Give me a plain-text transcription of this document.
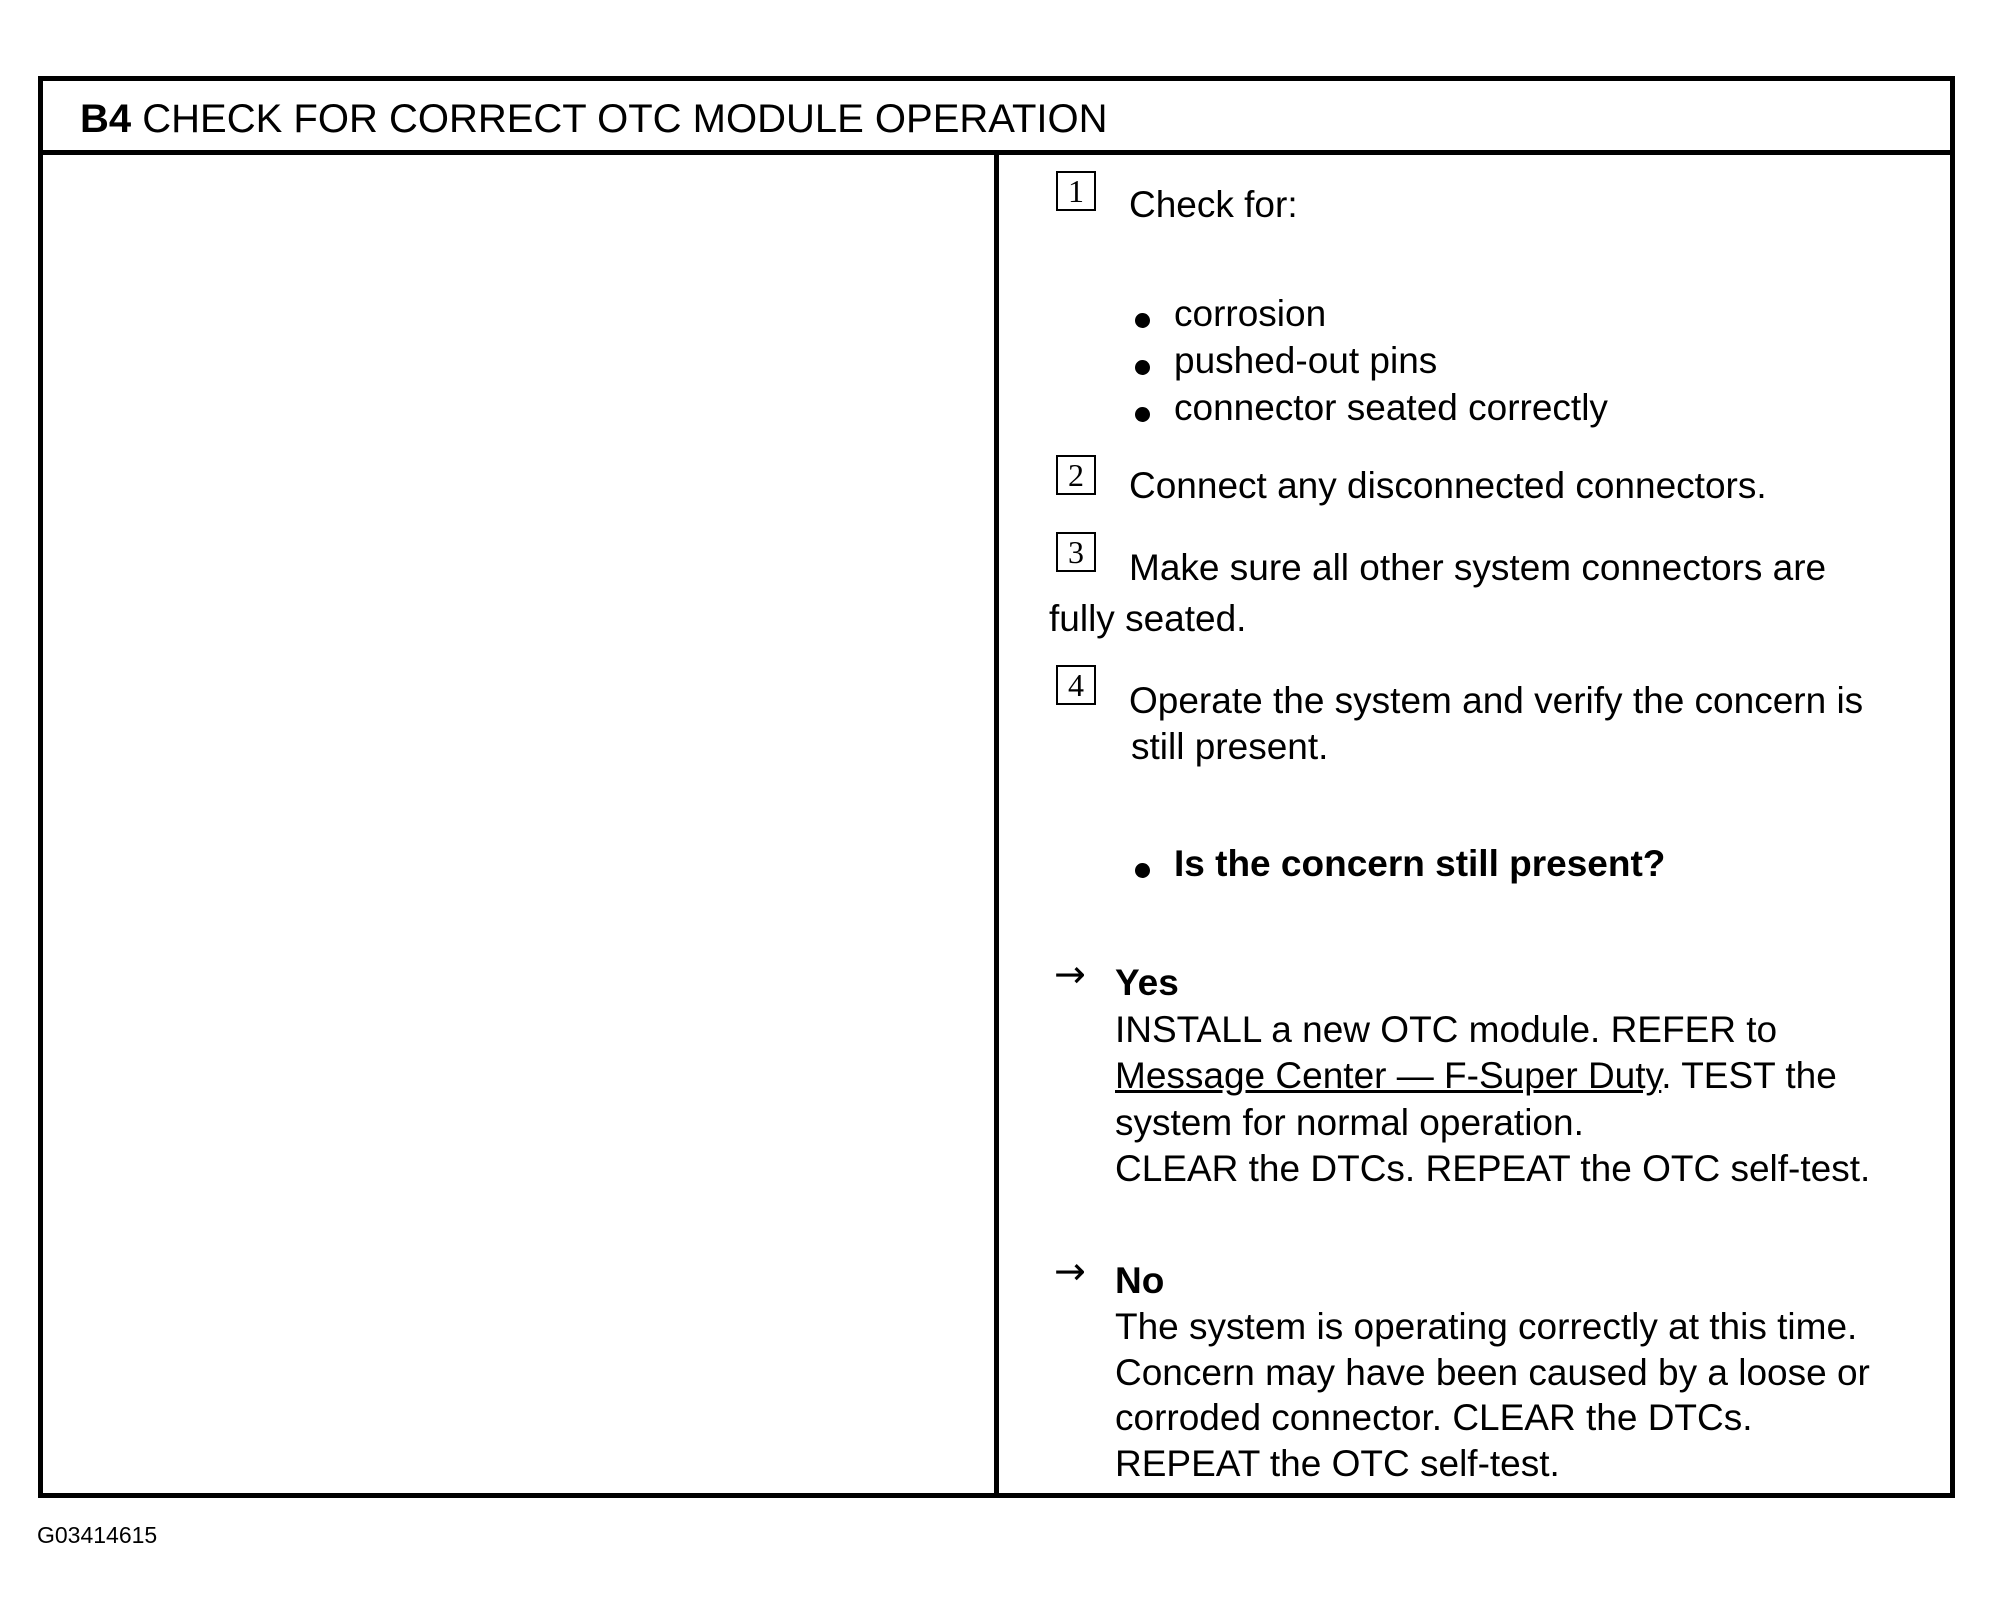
B4 CHECK FOR CORRECT OTC MODULE OPERATION
1	Check for:
corrosion
pushed-out pins
connector seated correctly
2	Connect any disconnected connectors.
3	Make sure all other system connectors are
fully seated.
4	Operate the system and verify the concern is
still present.
Is the concern still present?
→ Yes
INSTALL a new OTC module. REFER to
Message Center — F-Super Duty. TEST the
system for normal operation.
CLEAR the DTCs. REPEAT the OTC self-test.
→ No
The system is operating correctly at this time.
Concern may have been caused by a loose or
corroded connector. CLEAR the DTCs.
REPEAT the OTC self-test.
G03414615
